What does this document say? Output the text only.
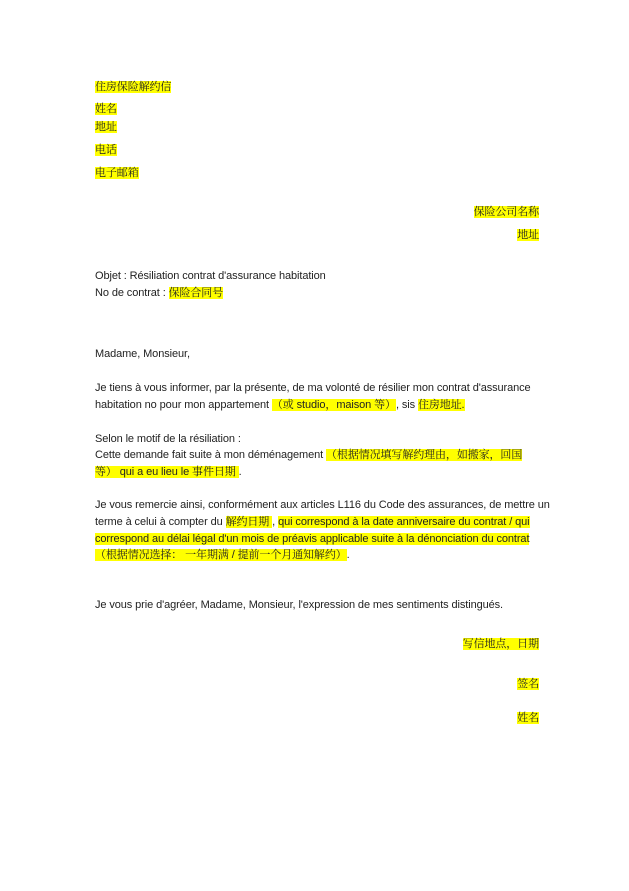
住房保险解约信
姓名
地址
电话
电子邮箱
保险公司名称
地址
Objet : Résiliation contrat d'assurance habitation
No de contrat : 保险合同号
Madame, Monsieur,
Je tiens à vous informer, par la présente, de ma volonté de résilier mon contrat d'assurance
habitation no pour mon appartement （或 studio，maison 等）, sis 住房地址.
Selon le motif de la résiliation :
Cette demande fait suite à mon déménagement （根据情况填写解约理由，如搬家，回国
等） qui a eu lieu le 事件日期 .
Je vous remercie ainsi, conformément aux articles L116 du Code des assurances, de mettre un
terme à celui à compter du 解约日期 , qui correspond à la date anniversaire du contrat / qui
correspond au délai légal d'un mois de préavis applicable suite à la dénonciation du contrat
（根据情况选择： 一年期满 / 提前一个月通知解约）.
Je vous prie d'agréer, Madame, Monsieur, l'expression de mes sentiments distingués.
写信地点，日期
签名
姓名
